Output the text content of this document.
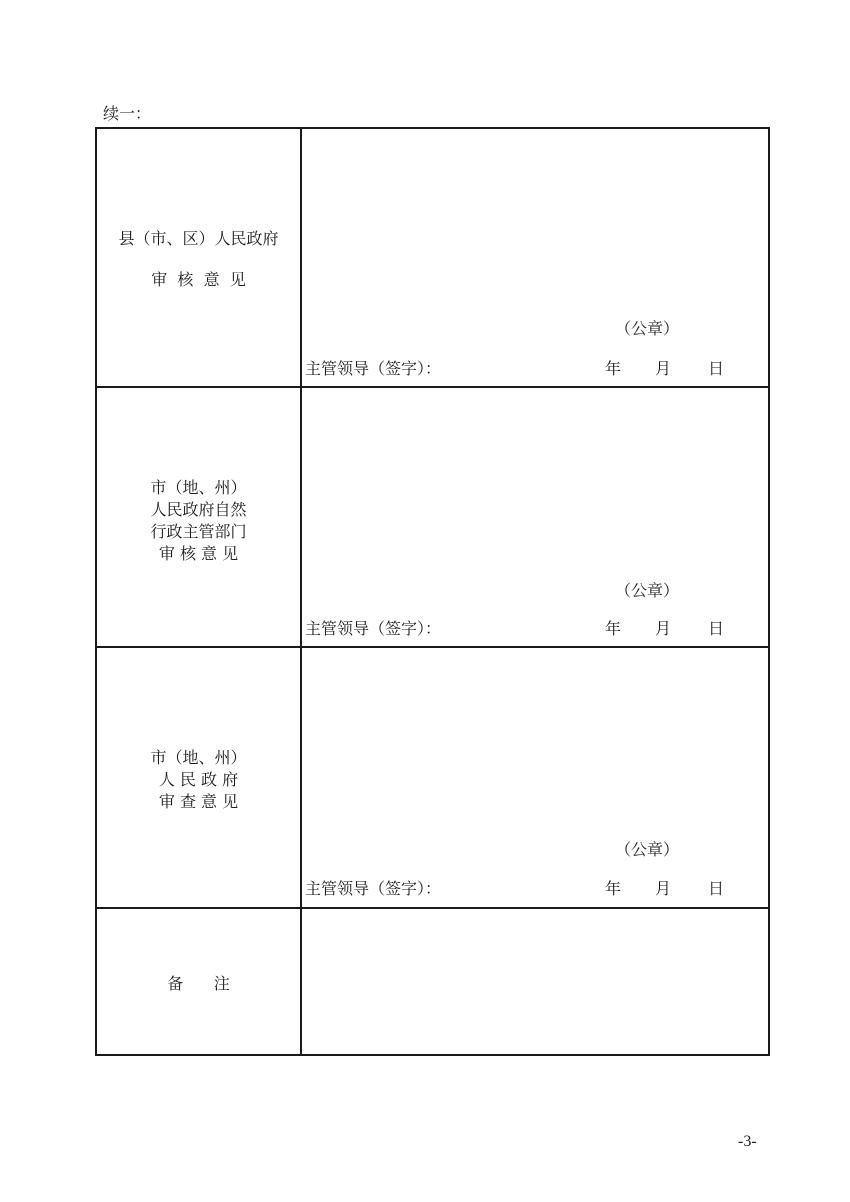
续一：
县（市、区）人民政府
审  核  意  见
（公章）
主管领导（签字）：	年 月 日
市（地、州）
人民政府自然
行政主管部门
审 核 意 见
（公章）
主管领导（签字）：	年 月 日
市（地、州）
人 民 政 府
审 查 意 见
（公章）
主管领导（签字）：	年 月 日
备      注
-3-
